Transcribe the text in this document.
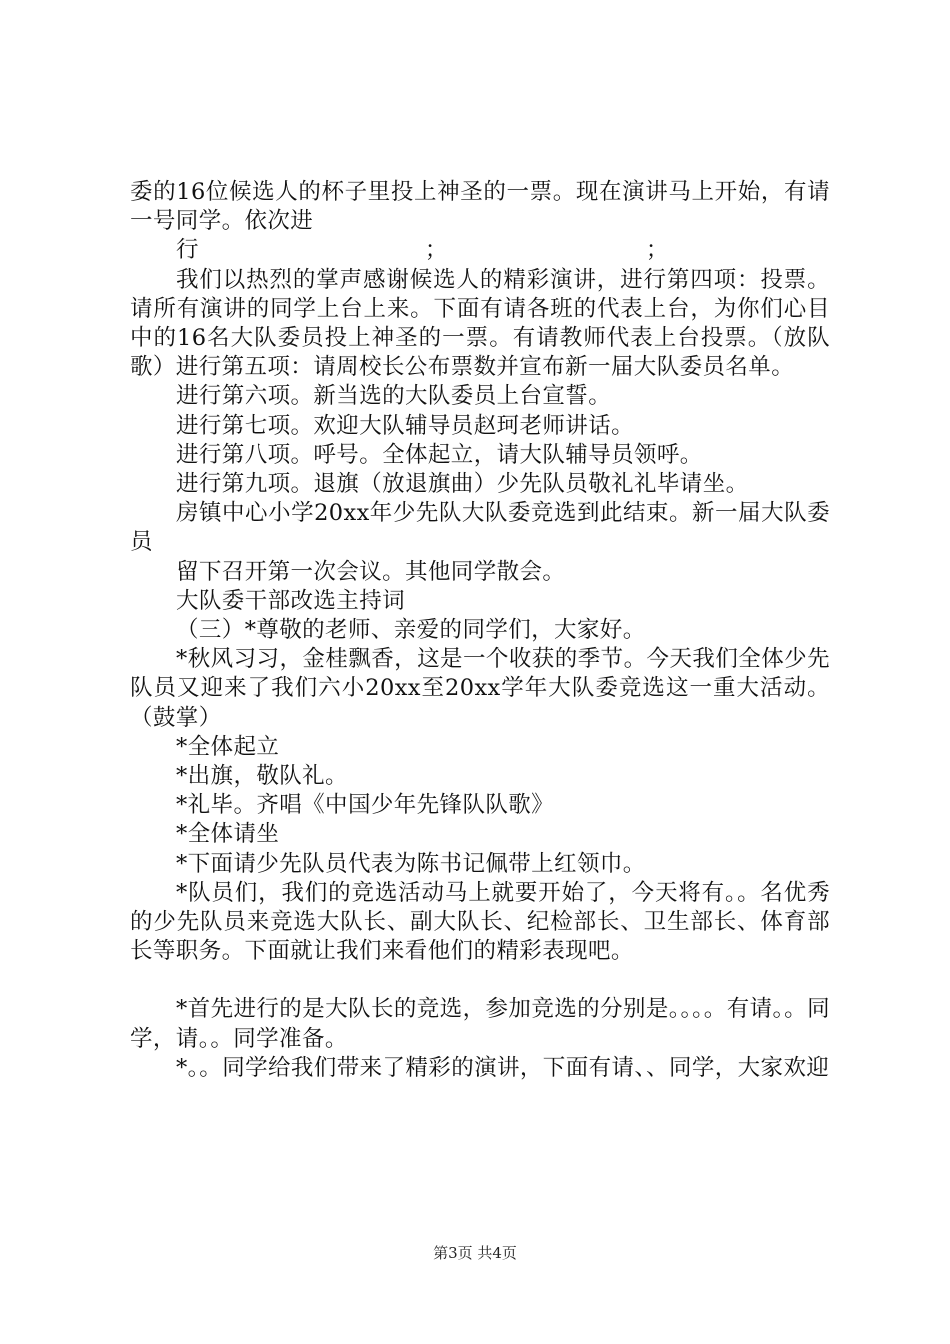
委的16位候选人的杯子里投上神圣的一票。现在演讲马上开始，有请一号同学。依次进

行	；	；

我们以热烈的掌声感谢候选人的精彩演讲，进行第四项：投票。请所有演讲的同学上台上来。下面有请各班的代表上台，为你们心目中的16名大队委员投上神圣的一票。有请教师代表上台投票。（放队歌）进行第五项：请周校长公布票数并宣布新一届大队委员名单。

进行第六项。新当选的大队委员上台宣誓。

进行第七项。欢迎大队辅导员赵珂老师讲话。

进行第八项。呼号。全体起立，请大队辅导员领呼。

进行第九项。退旗（放退旗曲）少先队员敬礼礼毕请坐。

房镇中心小学20xx年少先队大队委竞选到此结束。新一届大队委员

留下召开第一次会议。其他同学散会。

大队委干部改选主持词

（三）*尊敬的老师、亲爱的同学们，大家好。

*秋风习习，金桂飘香，这是一个收获的季节。今天我们全体少先队员又迎来了我们六小20xx至20xx学年大队委竞选这一重大活动。（鼓掌）

*全体起立

*出旗，敬队礼。

*礼毕。齐唱《中国少年先锋队队歌》

*全体请坐

*下面请少先队员代表为陈书记佩带上红领巾。

*队员们，我们的竞选活动马上就要开始了，今天将有。。名优秀的少先队员来竞选大队长、副大队长、纪检部长、卫生部长、体育部长等职务。下面就让我们来看他们的精彩表现吧。

*首先进行的是大队长的竞选，参加竞选的分别是。。。。有请。。同学，请。。同学准备。

*。。同学给我们带来了精彩的演讲，下面有请、、同学，大家欢迎

第3页 共4页
